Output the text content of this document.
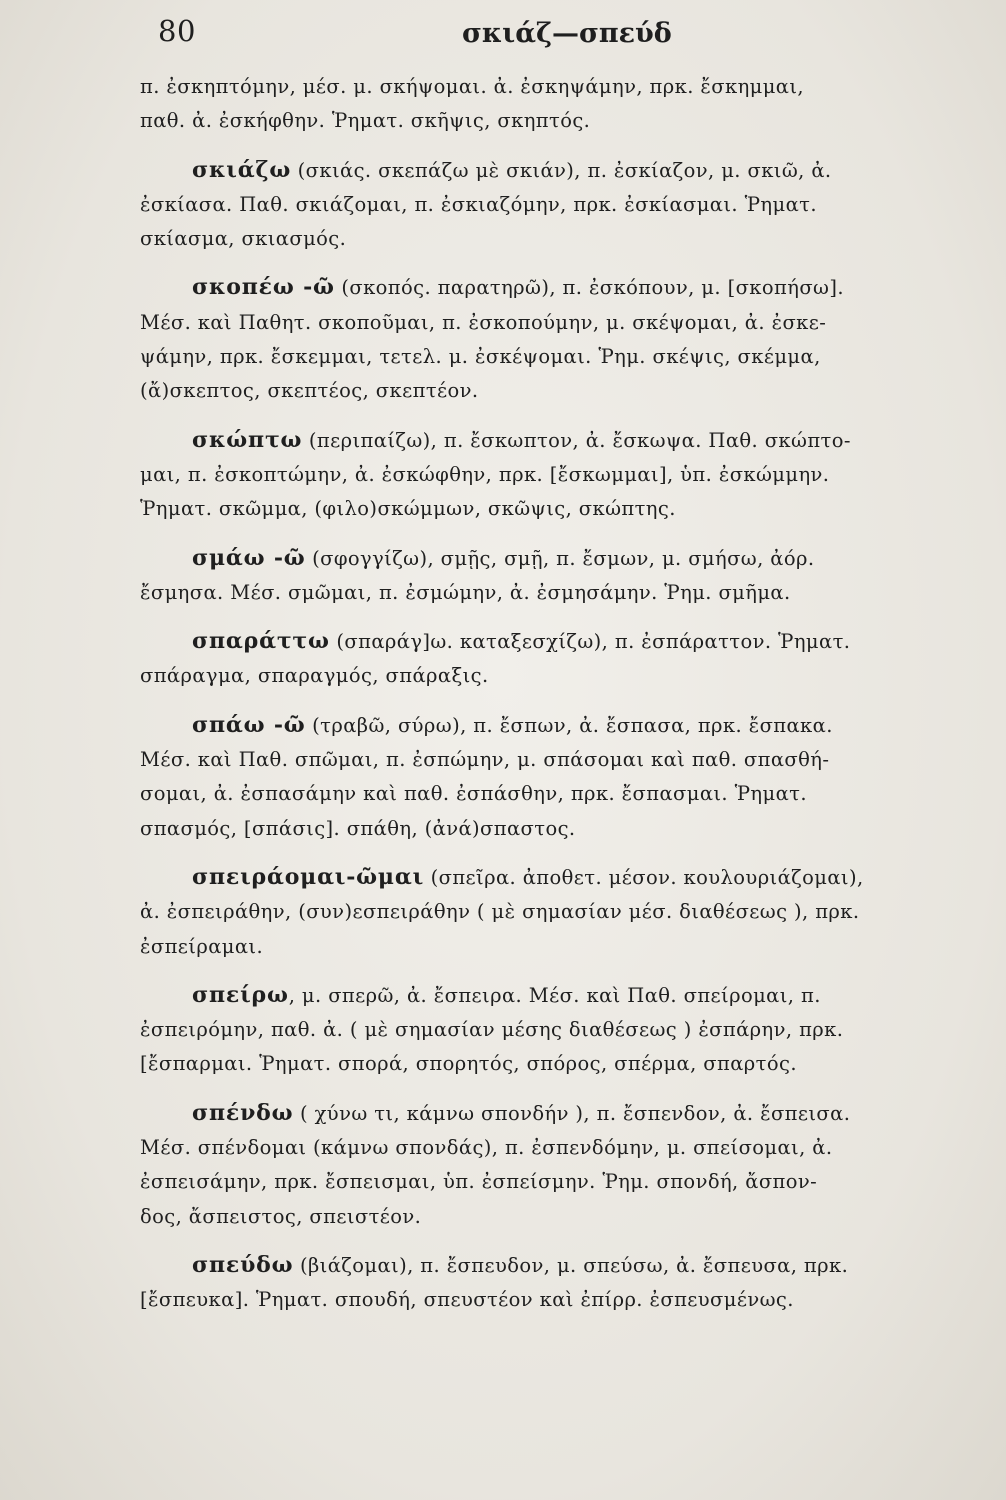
80	σκιάζ—σπεύδ
π. ἐσκηπτόμην, μέσ. μ. σκήψομαι. ἀ. ἐσκηψάμην, πρκ. ἔσκημμαι,
παθ. ἀ. ἐσκήφθην. Ῥηματ. σκῆψις, σκηπτός.
σκιάζω (σκιάς. σκεπάζω μὲ σκιάν), π. ἐσκίαζον, μ. σκιῶ, ἀ.
ἐσκίασα. Παθ. σκιάζομαι, π. ἐσκιαζόμην, πρκ. ἐσκίασμαι. Ῥηματ.
σκίασμα, σκιασμός.
σκοπέω -ῶ (σκοπός. παρατηρῶ), π. ἐσκόπουν, μ. [σκοπήσω].
Μέσ. καὶ Παθητ. σκοποῦμαι, π. ἐσκοπούμην, μ. σκέψομαι, ἀ. ἐσκε-
ψάμην, πρκ. ἔσκεμμαι, τετελ. μ. ἐσκέψομαι. Ῥημ. σκέψις, σκέμμα,
(ἄ)σκεπτος, σκεπτέος, σκεπτέον.
σκώπτω (περιπαίζω), π. ἔσκωπτον, ἀ. ἔσκωψα. Παθ. σκώπτο-
μαι, π. ἐσκοπτώμην, ἀ. ἐσκώφθην, πρκ. [ἔσκωμμαι], ὑπ. ἐσκώμμην.
Ῥηματ. σκῶμμα, (φιλο)σκώμμων, σκῶψις, σκώπτης.
σμάω -ῶ (σφογγίζω), σμῇς, σμῇ, π. ἔσμων, μ. σμήσω, ἀόρ.
ἔσμησα. Μέσ. σμῶμαι, π. ἐσμώμην, ἀ. ἐσμησάμην. Ῥημ. σμῆμα.
σπαράττω (σπαράγ]ω. καταξεσχίζω), π. ἐσπάραττον. Ῥηματ.
σπάραγμα, σπαραγμός, σπάραξις.
σπάω -ῶ (τραβῶ, σύρω), π. ἔσπων, ἀ. ἔσπασα, πρκ. ἔσπακα.
Μέσ. καὶ Παθ. σπῶμαι, π. ἐσπώμην, μ. σπάσομαι καὶ παθ. σπασθή-
σομαι, ἀ. ἐσπασάμην καὶ παθ. ἐσπάσθην, πρκ. ἔσπασμαι. Ῥηματ.
σπασμός, [σπάσις]. σπάθη, (ἀνά)σπαστος.
σπειράομαι-ῶμαι (σπεῖρα. ἀποθετ. μέσον. κουλουριάζομαι),
ἀ. ἐσπειράθην, (συν)εσπειράθην ( μὲ σημασίαν μέσ. διαθέσεως ), πρκ.
ἐσπείραμαι.
σπείρω, μ. σπερῶ, ἀ. ἔσπειρα. Μέσ. καὶ Παθ. σπείρομαι, π.
ἐσπειρόμην, παθ. ἀ. ( μὲ σημασίαν μέσης διαθέσεως ) ἐσπάρην, πρκ.
[ἔσπαρμαι. Ῥηματ. σπορά, σπορητός, σπόρος, σπέρμα, σπαρτός.
σπένδω ( χύνω τι, κάμνω σπονδήν ), π. ἔσπενδον, ἀ. ἔσπεισα.
Μέσ. σπένδομαι (κάμνω σπονδάς), π. ἐσπενδόμην, μ. σπείσομαι, ἀ.
ἐσπεισάμην, πρκ. ἔσπεισμαι, ὑπ. ἐσπείσμην. Ῥημ. σπονδή, ἄσπον-
δος, ἄσπειστος, σπειστέον.
σπεύδω (βιάζομαι), π. ἔσπευδον, μ. σπεύσω, ἀ. ἔσπευσα, πρκ.
[ἔσπευκα]. Ῥηματ. σπουδή, σπευστέον καὶ ἐπίρρ. ἐσπευσμένως.
